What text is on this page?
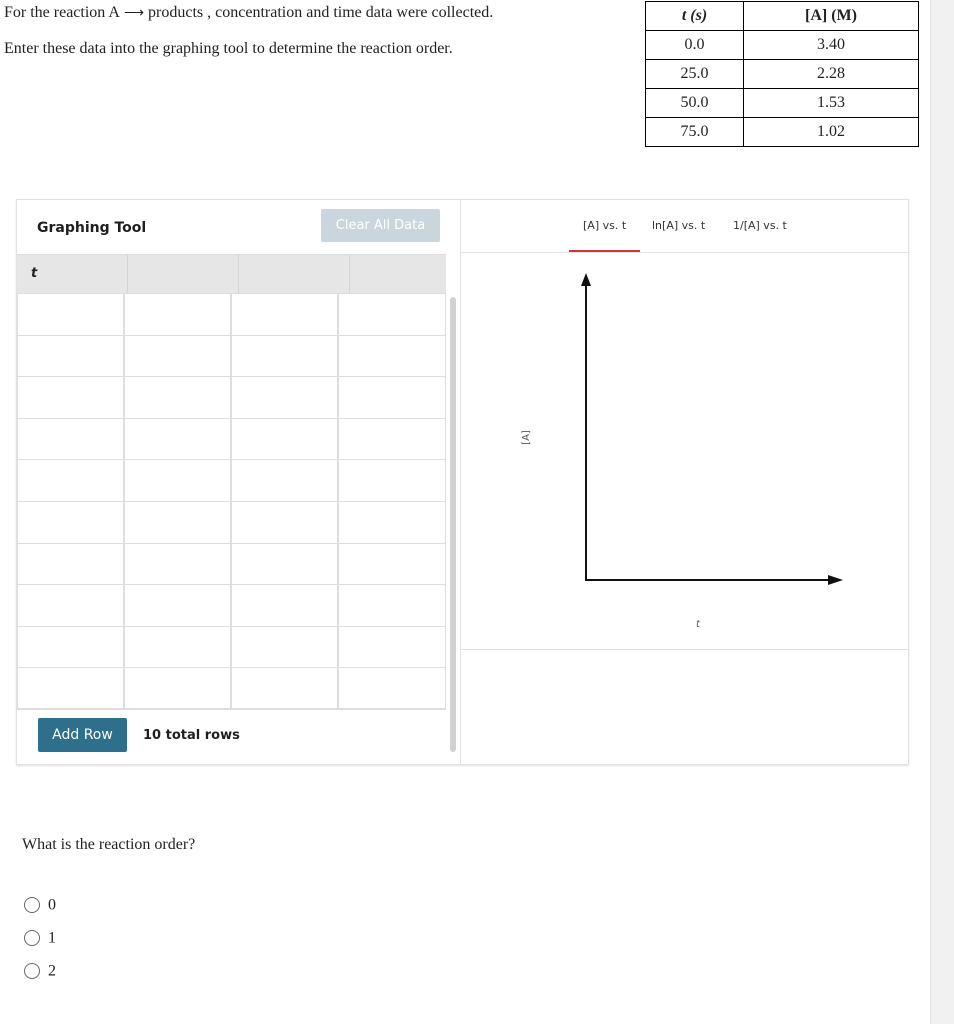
For the reaction A ⟶ products , concentration and time data were collected.
Enter these data into the graphing tool to determine the reaction order.
t (s)	[A] (M)
0.0	3.40
25.0	2.28
50.0	1.53
75.0	1.02
Graphing Tool	Clear All Data
t
Add Row	10 total rows
[A] vs. t ln[A] vs. t	1/[A] vs. t
[A]
t
What is the reaction order?
0
1
2
